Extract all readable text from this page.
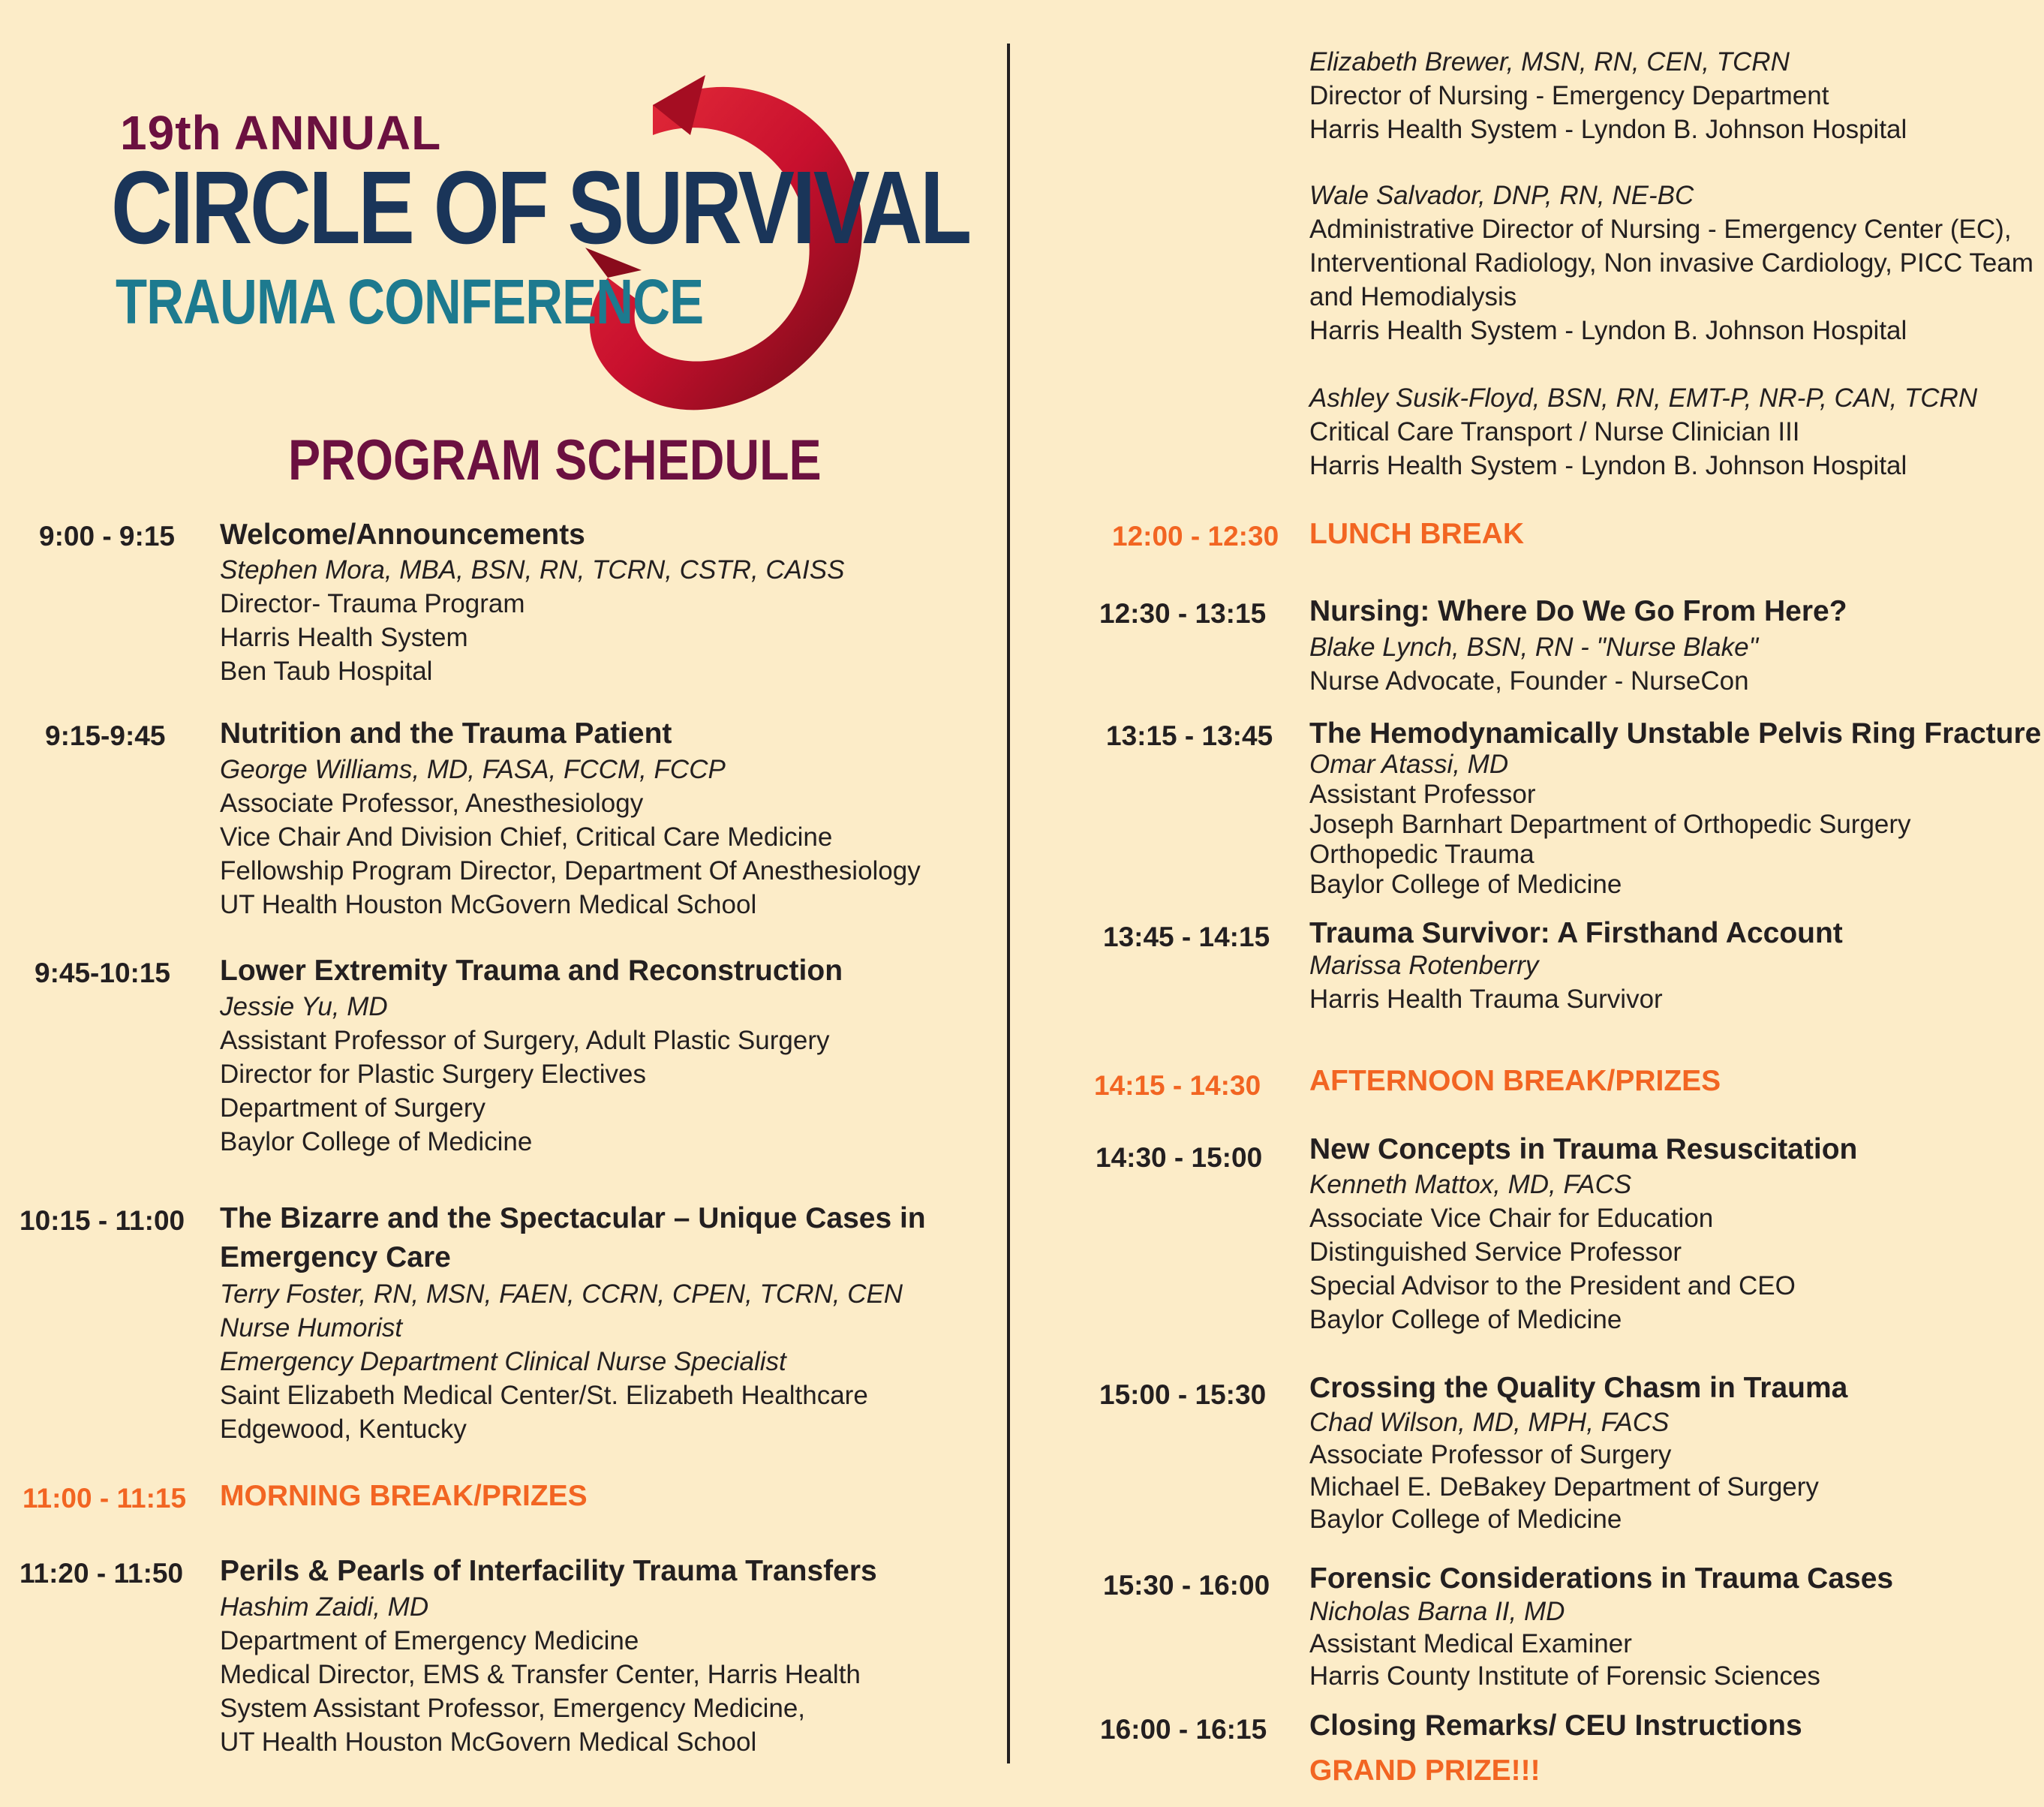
19th ANNUAL
CIRCLE OF SURVIVAL
TRAUMA CONFERENCE
PROGRAM SCHEDULE
9:00 - 9:15 Welcome/Announcements
Stephen Mora, MBA, BSN, RN, TCRN, CSTR, CAISS
Director- Trauma Program
Harris Health System
Ben Taub Hospital
9:15-9:45 Nutrition and the Trauma Patient
George Williams, MD, FASA, FCCM, FCCP
Associate Professor, Anesthesiology
Vice Chair And Division Chief, Critical Care Medicine
Fellowship Program Director, Department Of Anesthesiology
UT Health Houston McGovern Medical School
9:45-10:15 Lower Extremity Trauma and Reconstruction
Jessie Yu, MD
Assistant Professor of Surgery, Adult Plastic Surgery
Director for Plastic Surgery Electives
Department of Surgery
Baylor College of Medicine
10:15 - 11:00 The Bizarre and the Spectacular – Unique Cases in
Emergency Care
Terry Foster, RN, MSN, FAEN, CCRN, CPEN, TCRN, CEN
Nurse Humorist
Emergency Department Clinical Nurse Specialist
Saint Elizabeth Medical Center/St. Elizabeth Healthcare
Edgewood, Kentucky
11:00 - 11:15 MORNING BREAK/PRIZES
11:20 - 11:50 Perils & Pearls of Interfacility Trauma Transfers
Hashim Zaidi, MD
Department of Emergency Medicine
Medical Director, EMS & Transfer Center, Harris Health
System Assistant Professor, Emergency Medicine,
UT Health Houston McGovern Medical School
Elizabeth Brewer, MSN, RN, CEN, TCRN
Director of Nursing - Emergency Department
Harris Health System - Lyndon B. Johnson Hospital
Wale Salvador, DNP, RN, NE-BC
Administrative Director of Nursing - Emergency Center (EC),
Interventional Radiology, Non invasive Cardiology, PICC Team
and Hemodialysis
Harris Health System - Lyndon B. Johnson Hospital
Ashley Susik-Floyd, BSN, RN, EMT-P, NR-P, CAN, TCRN
Critical Care Transport / Nurse Clinician III
Harris Health System - Lyndon B. Johnson Hospital
12:00 - 12:30 LUNCH BREAK
12:30 - 13:15 Nursing: Where Do We Go From Here?
Blake Lynch, BSN, RN - "Nurse Blake"
Nurse Advocate, Founder - NurseCon
13:15 - 13:45 The Hemodynamically Unstable Pelvis Ring Fracture
Omar Atassi, MD
Assistant Professor
Joseph Barnhart Department of Orthopedic Surgery
Orthopedic Trauma
Baylor College of Medicine
13:45 - 14:15 Trauma Survivor: A Firsthand Account
Marissa Rotenberry
Harris Health Trauma Survivor
14:15 - 14:30 AFTERNOON BREAK/PRIZES
14:30 - 15:00 New Concepts in Trauma Resuscitation
Kenneth Mattox, MD, FACS
Associate Vice Chair for Education
Distinguished Service Professor
Special Advisor to the President and CEO
Baylor College of Medicine
15:00 - 15:30 Crossing the Quality Chasm in Trauma
Chad Wilson, MD, MPH, FACS
Associate Professor of Surgery
Michael E. DeBakey Department of Surgery
Baylor College of Medicine
15:30 - 16:00 Forensic Considerations in Trauma Cases
Nicholas Barna II, MD
Assistant Medical Examiner
Harris County Institute of Forensic Sciences
16:00 - 16:15 Closing Remarks/ CEU Instructions
GRAND PRIZE!!!
